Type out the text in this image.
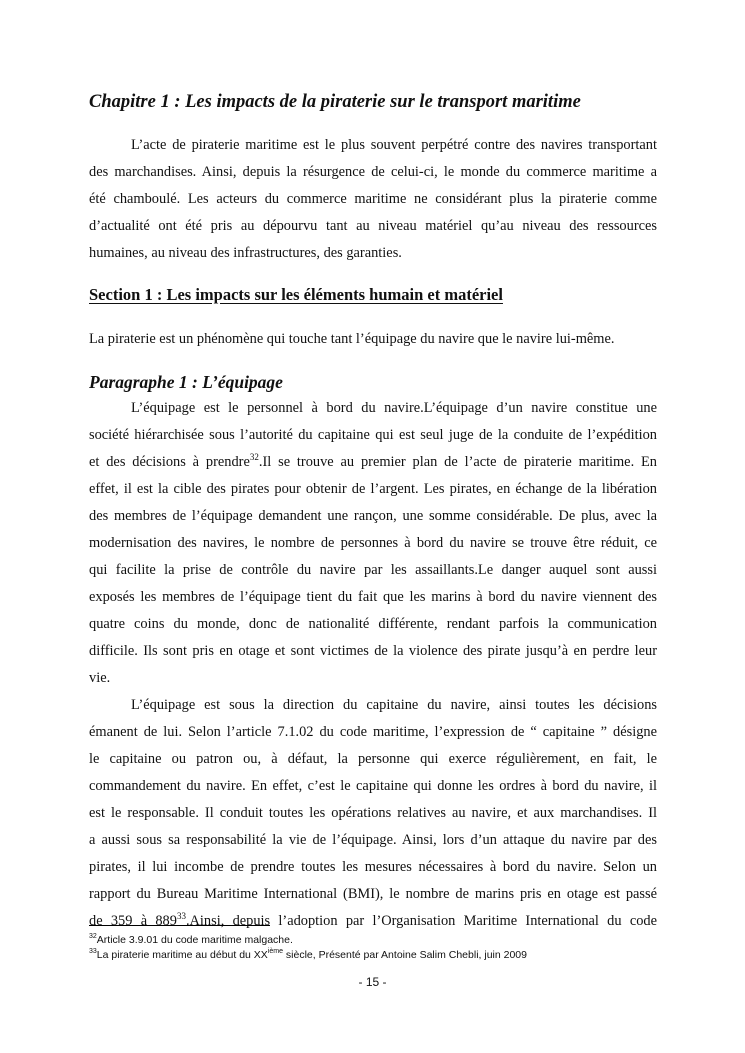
Chapitre 1 : Les impacts de la piraterie sur le transport maritime
L’acte de piraterie maritime est le plus souvent perpétré contre des navires transportant
des marchandises. Ainsi, depuis la résurgence de celui-ci, le monde du commerce maritime a
été chamboulé. Les acteurs du commerce maritime ne considérant plus la piraterie comme
d’actualité ont été pris au dépourvu tant au niveau matériel qu’au niveau des ressources
humaines, au niveau des infrastructures, des garanties.
Section 1 : Les impacts sur les éléments humain et matériel
La piraterie est un phénomène qui touche tant l’équipage du navire que le navire lui-même.
Paragraphe 1 : L’équipage
L’équipage est le personnel à bord du navire.L’équipage d’un navire constitue une
société hiérarchisée sous l’autorité du capitaine qui est seul juge de la conduite de l’expédition
et des décisions à prendre$^{32}$.Il se trouve au premier plan de l’acte de piraterie maritime. En
effet, il est la cible des pirates pour obtenir de l’argent. Les pirates, en échange de la libération
des membres de l’équipage demandent une rançon, une somme considérable. De plus, avec la
modernisation des navires, le nombre de personnes à bord du navire se trouve être réduit, ce
qui facilite la prise de contrôle du navire par les assaillants.Le danger auquel sont aussi
exposés les membres de l’équipage tient du fait que les marins à bord du navire viennent des
quatre coins du monde, donc de nationalité différente, rendant parfois la communication
difficile. Ils sont pris en otage et sont victimes de la violence des pirate jusqu’à en perdre leur
vie.
L’équipage est sous la direction du capitaine du navire, ainsi toutes les décisions
émanent de lui. Selon l’article 7.1.02 du code maritime, l’expression de “ capitaine ” désigne
le capitaine ou patron ou, à défaut, la personne qui exerce régulièrement, en fait, le
commandement du navire. En effet, c’est le capitaine qui donne les ordres à bord du navire, il
est le responsable. Il conduit toutes les opérations relatives au navire, et aux marchandises. Il
a aussi sous sa responsabilité la vie de l’équipage. Ainsi, lors d’un attaque du navire par des
pirates, il lui incombe de prendre toutes les mesures nécessaires à bord du navire. Selon un
rapport du Bureau Maritime International (BMI), le nombre de marins pris en otage est passé
de 359 à $889^{33}.Ainsi$, depuis l’adoption par l’Organisation Maritime International du code
$^{32}$Article 3.9.01 du code maritime malgache.
$^{33}$La piraterie maritime au début du XXième siècle, Présenté par Antoine Salim Chebli, juin 2009
- 15 -
